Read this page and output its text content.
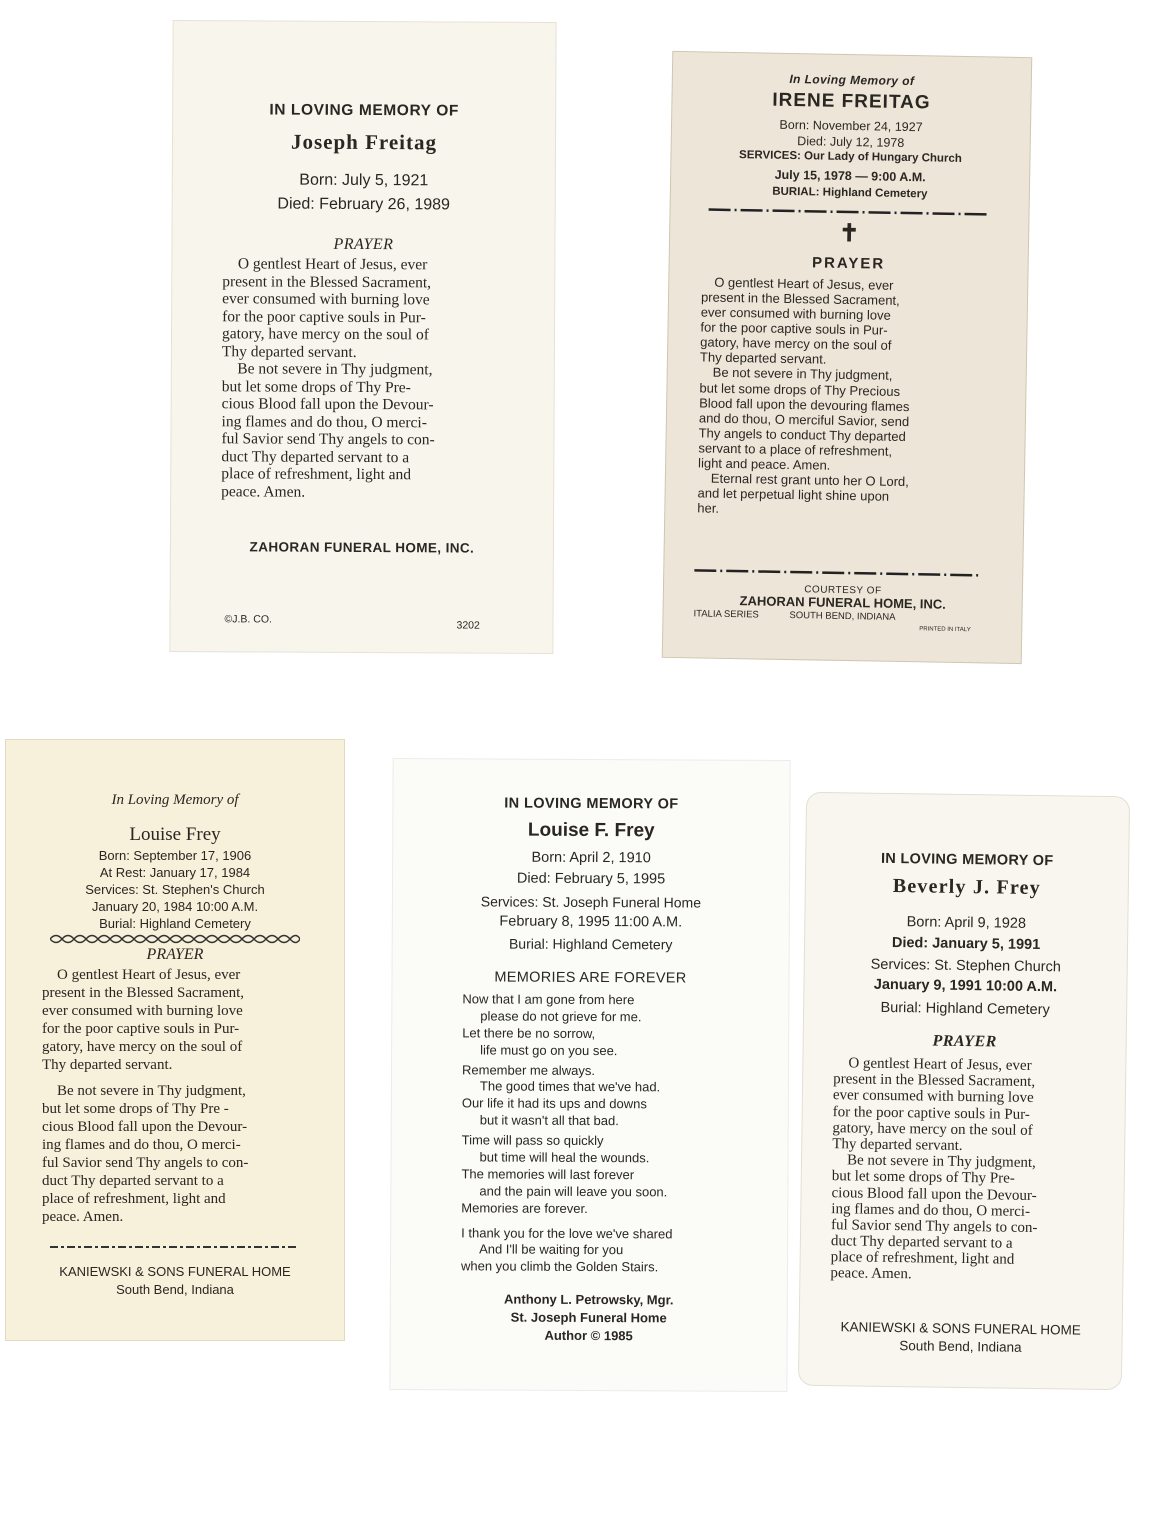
IN LOVING MEMORY OF
Joseph Freitag
Born: July 5, 1921
Died: February 26, 1989
PRAYER
O gentlest Heart of Jesus, ever
present in the Blessed Sacrament,
ever consumed with burning love
for the poor captive souls in Pur-
gatory, have mercy on the soul of
Thy departed servant.
Be not severe in Thy judgment,
but let some drops of Thy Pre-
cious Blood fall upon the Devour-
ing flames and do thou, O merci-
ful Savior send Thy angels to con-
duct Thy departed servant to a
place of refreshment, light and
peace. Amen.
ZAHORAN FUNERAL HOME, INC.
©J.B. CO.
3202
In Loving Memory of
IRENE FREITAG
Born: November 24, 1927
Died: July 12, 1978
SERVICES: Our Lady of Hungary Church
July 15, 1978 — 9:00 A.M.
BURIAL: Highland Cemetery
✝
PRAYER
O gentlest Heart of Jesus, ever
present in the Blessed Sacrament,
ever consumed with burning love
for the poor captive souls in Pur-
gatory, have mercy on the soul of
Thy departed servant.
Be not severe in Thy judgment,
but let some drops of Thy Precious
Blood fall upon the devouring flames
and do thou, O merciful Savior, send
Thy angels to conduct Thy departed
servant to a place of refreshment,
light and peace. Amen.
Eternal rest grant unto her O Lord,
and let perpetual light shine upon
her.
COURTESY OF
ZAHORAN FUNERAL HOME, INC.
ITALIA SERIES	SOUTH BEND, INDIANA
PRINTED IN ITALY
In Loving Memory of
Louise Frey
Born: September 17, 1906
At Rest: January 17, 1984
Services: St. Stephen's Church
January 20, 1984 10:00 A.M.
Burial: Highland Cemetery
PRAYER
O gentlest Heart of Jesus, ever
present in the Blessed Sacrament,
ever consumed with burning love
for the poor captive souls in Pur-
gatory, have mercy on the soul of
Thy departed servant.
Be not severe in Thy judgment,
but let some drops of Thy Pre -
cious Blood fall upon the Devour-
ing flames and do thou, O merci-
ful Savior send Thy angels to con-
duct Thy departed servant to a
place of refreshment, light and
peace. Amen.
KANIEWSKI & SONS FUNERAL HOME
South Bend, Indiana
IN LOVING MEMORY OF
Louise F. Frey
Born: April 2, 1910
Died: February 5, 1995
Services: St. Joseph Funeral Home
February 8, 1995 11:00 A.M.
Burial: Highland Cemetery
MEMORIES ARE FOREVER
Now that I am gone from here
please do not grieve for me.
Let there be no sorrow,
life must go on you see.
Remember me always.
The good times that we've had.
Our life it had its ups and downs
but it wasn't all that bad.
Time will pass so quickly
but time will heal the wounds.
The memories will last forever
and the pain will leave you soon.
Memories are forever.
I thank you for the love we've shared
And I'll be waiting for you
when you climb the Golden Stairs.
Anthony L. Petrowsky, Mgr.
St. Joseph Funeral Home
Author © 1985
IN LOVING MEMORY OF
Beverly J. Frey
Born: April 9, 1928
Died: January 5, 1991
Services: St. Stephen Church
January 9, 1991 10:00 A.M.
Burial: Highland Cemetery
PRAYER
O gentlest Heart of Jesus, ever
present in the Blessed Sacrament,
ever consumed with burning love
for the poor captive souls in Pur-
gatory, have mercy on the soul of
Thy departed servant.
Be not severe in Thy judgment,
but let some drops of Thy Pre-
cious Blood fall upon the Devour-
ing flames and do thou, O merci-
ful Savior send Thy angels to con-
duct Thy departed servant to a
place of refreshment, light and
peace. Amen.
KANIEWSKI & SONS FUNERAL HOME
South Bend, Indiana
